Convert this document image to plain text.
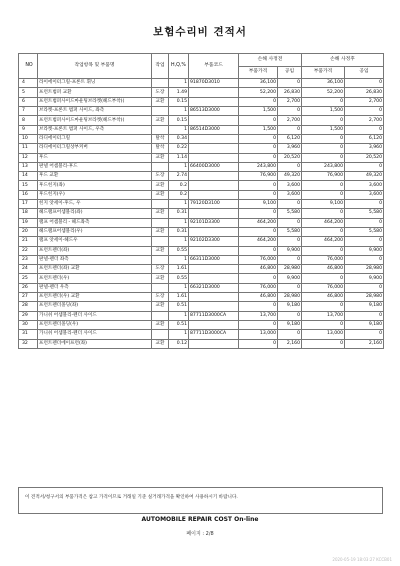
보험수리비 견적서
NO	작업항목 및 부품명	작업	H,Q,%	부품코드	손해 사정전		손해 사정후	
					부품가격	공임	부품가격	공임
4	라이에이터그릴-프론트 휘닝		1	91870D3010	36,100	0	36,100	0
5	프런트범퍼 교환	도장	1.49		52,200	26,830	52,200	26,830
6	프런트범퍼사이드마운팅브라켓(헤드부착)(	교환	0.15		0	2,700	0	2,700
7	브라켓-프론트 범퍼 사이드, 좌측		1	86513D3000	1,500	0	1,500	0
8	프런트범퍼사이드마운팅브라켓(헤드부착)(	교환	0.15		0	2,700	0	2,700
9	브라켓-프론트 범퍼 사이드, 우측		1	86514D3000	1,500	0	1,500	0
10	라디에이터그릴	탈착	0.34		0	6,120	0	6,120
11	라디에이터그릴상부커버	탈착	0.22		0	3,960	0	3,960
12	후드	교환	1.14		0	20,520	0	20,520
13	판넬 어셈블리-후드		1	66400D3000	243,800	0	243,800	0
14	후드 교환	도장	2.74		76,900	49,320	76,900	49,320
15	후드힌지(좌)	교환	0.2		0	3,600	0	3,600
16	후드힌지(우)	교환	0.2		0	3,600	0	3,600
17	힌지 앗세이-후드, 우		1	79120D3100	9,100	0	9,100	0
18	헤드램프어셈블리(좌)	교환	0.31		0	5,580	0	5,580
19	램프 어셈블리 - 헤드좌측		1	92101D3300	464,200	0	464,200	0
20	헤드램프어셈블리(우)	교환	0.31		0	5,580	0	5,580
21	램프 앗세이-헤드우		1	92102D3300	464,200	0	464,200	0
22	프런트펜더(좌)	교환	0.55		0	9,900	0	9,900
23	판넬-펜더 좌측		1	66311D3000	76,000	0	76,000	0
24	프런트펜더(좌) 교환	도장	1.61		46,800	28,980	46,800	28,980
25	프런트펜더(우)	교환	0.55		0	9,900	0	9,900
26	판넬-펜더 우측		1	66321D3000	76,000	0	76,000	0
27	프런트펜더(우) 교환	도장	1.61		46,800	28,980	46,800	28,980
28	프런트펜더몰딩(좌)	교환	0.51		0	9,180	0	9,180
29	가니쉬 어셈블리-펜더 사이드		1	87711D3000CA	13,700	0	13,700	0
30	프런트펜더몰딩(우)	교환	0.51		0	9,180	0	9,180
31	가니쉬 어셈블리-펜더 사이드		1	87711D3000CA	13,000	0	13,000	0
32	프런트펜더에이프런(좌)	교환	0.12		0	2,160	0	2,160
이 견적서/청구서의 부품가격은 참고 가격이므로 거래일 기준 실거래가격을 확인하여 사용하시기 바랍니다.
AUTOMOBILE REPAIR COST On-line
페이지 : 2/8
2020-05-19 18:03:27 KCCB01
